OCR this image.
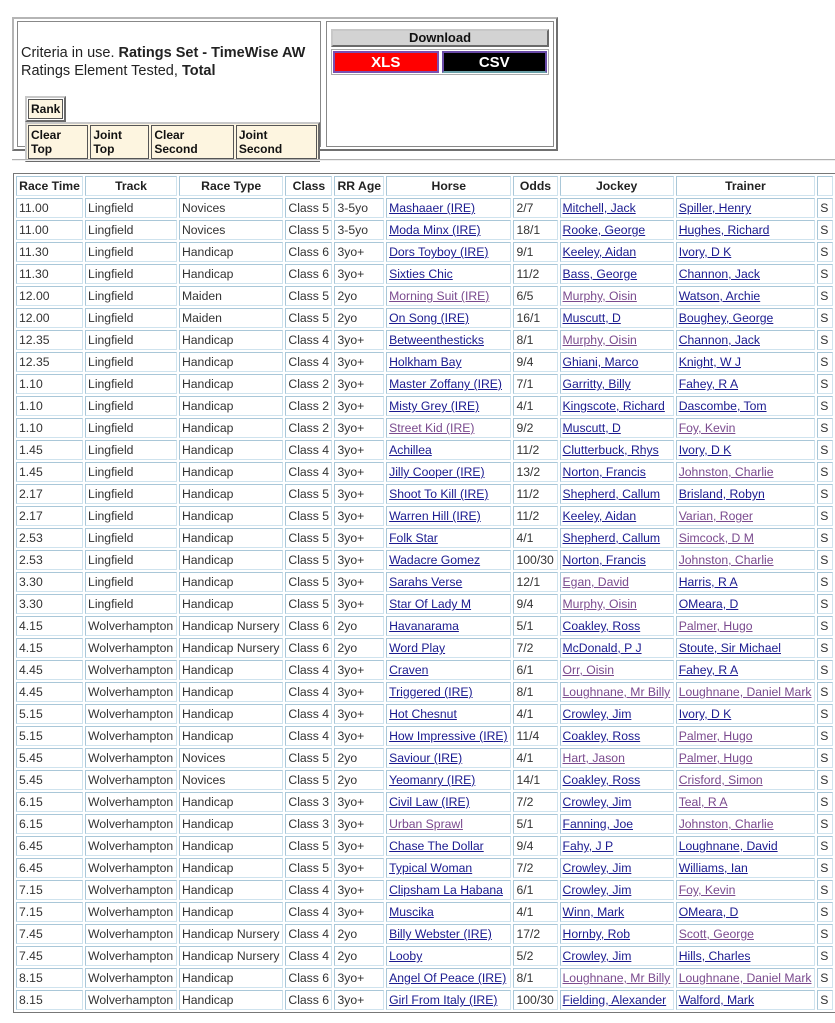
Criteria in use. Ratings Set - TimeWise AW
Ratings Element Tested, Total
Rank
Clear Top
Joint Top
Clear Second
Joint Second
Download
XLS	CSV
Race Time	Track	Race Type	Class	RR Age	Horse	Odds	Jockey	Trainer	
11.00	Lingfield	Novices	Class 5	3-5yo	Mashaaer (IRE)	2/7	Mitchell, Jack	Spiller, Henry	S
11.00	Lingfield	Novices	Class 5	3-5yo	Moda Minx (IRE)	18/1	Rooke, George	Hughes, Richard	S
11.30	Lingfield	Handicap	Class 6	3yo+	Dors Toyboy (IRE)	9/1	Keeley, Aidan	Ivory, D K	S
11.30	Lingfield	Handicap	Class 6	3yo+	Sixties Chic	11/2	Bass, George	Channon, Jack	S
12.00	Lingfield	Maiden	Class 5	2yo	Morning Suit (IRE)	6/5	Murphy, Oisin	Watson, Archie	S
12.00	Lingfield	Maiden	Class 5	2yo	On Song (IRE)	16/1	Muscutt, D	Boughey, George	S
12.35	Lingfield	Handicap	Class 4	3yo+	Betweenthesticks	8/1	Murphy, Oisin	Channon, Jack	S
12.35	Lingfield	Handicap	Class 4	3yo+	Holkham Bay	9/4	Ghiani, Marco	Knight, W J	S
1.10	Lingfield	Handicap	Class 2	3yo+	Master Zoffany (IRE)	7/1	Garritty, Billy	Fahey, R A	S
1.10	Lingfield	Handicap	Class 2	3yo+	Misty Grey (IRE)	4/1	Kingscote, Richard	Dascombe, Tom	S
1.10	Lingfield	Handicap	Class 2	3yo+	Street Kid (IRE)	9/2	Muscutt, D	Foy, Kevin	S
1.45	Lingfield	Handicap	Class 4	3yo+	Achillea	11/2	Clutterbuck, Rhys	Ivory, D K	S
1.45	Lingfield	Handicap	Class 4	3yo+	Jilly Cooper (IRE)	13/2	Norton, Francis	Johnston, Charlie	S
2.17	Lingfield	Handicap	Class 5	3yo+	Shoot To Kill (IRE)	11/2	Shepherd, Callum	Brisland, Robyn	S
2.17	Lingfield	Handicap	Class 5	3yo+	Warren Hill (IRE)	11/2	Keeley, Aidan	Varian, Roger	S
2.53	Lingfield	Handicap	Class 5	3yo+	Folk Star	4/1	Shepherd, Callum	Simcock, D M	S
2.53	Lingfield	Handicap	Class 5	3yo+	Wadacre Gomez	100/30	Norton, Francis	Johnston, Charlie	S
3.30	Lingfield	Handicap	Class 5	3yo+	Sarahs Verse	12/1	Egan, David	Harris, R A	S
3.30	Lingfield	Handicap	Class 5	3yo+	Star Of Lady M	9/4	Murphy, Oisin	OMeara, D	S
4.15	Wolverhampton	Handicap Nursery	Class 6	2yo	Havanarama	5/1	Coakley, Ross	Palmer, Hugo	S
4.15	Wolverhampton	Handicap Nursery	Class 6	2yo	Word Play	7/2	McDonald, P J	Stoute, Sir Michael	S
4.45	Wolverhampton	Handicap	Class 4	3yo+	Craven	6/1	Orr, Oisin	Fahey, R A	S
4.45	Wolverhampton	Handicap	Class 4	3yo+	Triggered (IRE)	8/1	Loughnane, Mr Billy	Loughnane, Daniel Mark	S
5.15	Wolverhampton	Handicap	Class 4	3yo+	Hot Chesnut	4/1	Crowley, Jim	Ivory, D K	S
5.15	Wolverhampton	Handicap	Class 4	3yo+	How Impressive (IRE)	11/4	Coakley, Ross	Palmer, Hugo	S
5.45	Wolverhampton	Novices	Class 5	2yo	Saviour (IRE)	4/1	Hart, Jason	Palmer, Hugo	S
5.45	Wolverhampton	Novices	Class 5	2yo	Yeomanry (IRE)	14/1	Coakley, Ross	Crisford, Simon	S
6.15	Wolverhampton	Handicap	Class 3	3yo+	Civil Law (IRE)	7/2	Crowley, Jim	Teal, R A	S
6.15	Wolverhampton	Handicap	Class 3	3yo+	Urban Sprawl	5/1	Fanning, Joe	Johnston, Charlie	S
6.45	Wolverhampton	Handicap	Class 5	3yo+	Chase The Dollar	9/4	Fahy, J P	Loughnane, David	S
6.45	Wolverhampton	Handicap	Class 5	3yo+	Typical Woman	7/2	Crowley, Jim	Williams, Ian	S
7.15	Wolverhampton	Handicap	Class 4	3yo+	Clipsham La Habana	6/1	Crowley, Jim	Foy, Kevin	S
7.15	Wolverhampton	Handicap	Class 4	3yo+	Muscika	4/1	Winn, Mark	OMeara, D	S
7.45	Wolverhampton	Handicap Nursery	Class 4	2yo	Billy Webster (IRE)	17/2	Hornby, Rob	Scott, George	S
7.45	Wolverhampton	Handicap Nursery	Class 4	2yo	Looby	5/2	Crowley, Jim	Hills, Charles	S
8.15	Wolverhampton	Handicap	Class 6	3yo+	Angel Of Peace (IRE)	8/1	Loughnane, Mr Billy	Loughnane, Daniel Mark	S
8.15	Wolverhampton	Handicap	Class 6	3yo+	Girl From Italy (IRE)	100/30	Fielding, Alexander	Walford, Mark	S
